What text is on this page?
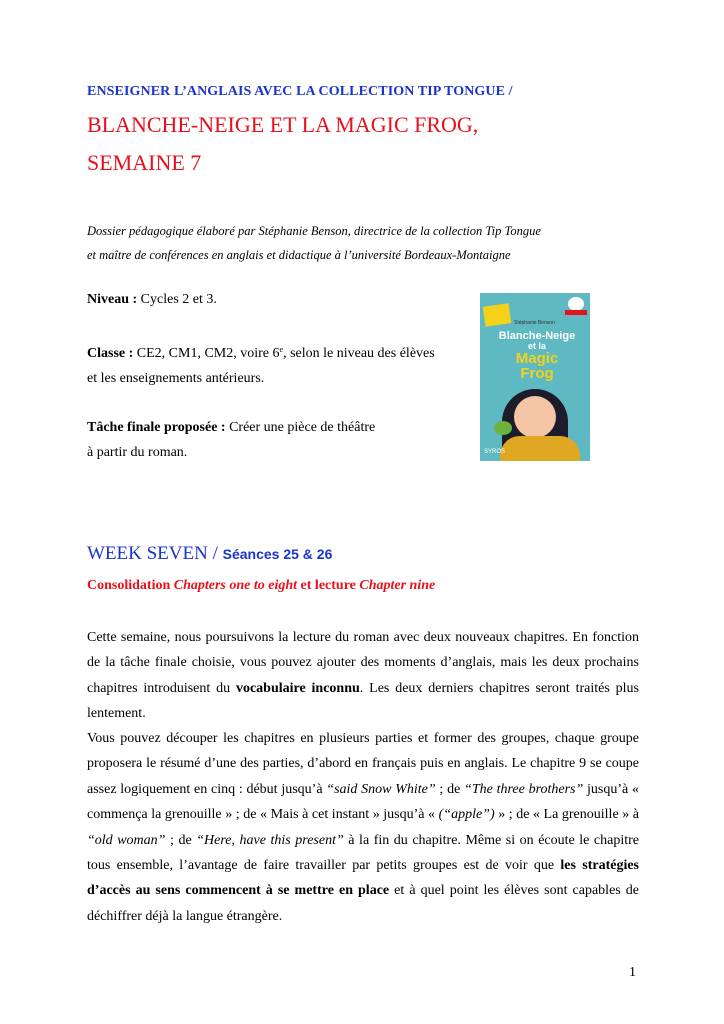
ENSEIGNER L’ANGLAIS AVEC LA COLLECTION TIP TONGUE /
BLANCHE-NEIGE ET LA MAGIC FROG,
SEMAINE 7
Dossier pédagogique élaboré par Stéphanie Benson, directrice de la collection Tip Tongue
et maître de conférences en anglais et didactique à l’université Bordeaux-Montaigne
Niveau : Cycles 2 et 3.
Classe : CE2, CM1, CM2, voire 6e, selon le niveau des élèves
et les enseignements antérieurs.
Tâche finale proposée : Créer une pièce de théâtre
à partir du roman.
Stéphanie Benson
Blanche-Neige
et la
Magic
Frog
SYROS
WEEK SEVEN / Séances 25 & 26
Consolidation Chapters one to eight et lecture Chapter nine
Cette semaine, nous poursuivons la lecture du roman avec deux nouveaux chapitres. En fonction de la tâche finale choisie, vous pouvez ajouter des moments d’anglais, mais les deux prochains chapitres introduisent du vocabulaire inconnu. Les deux derniers chapitres seront traités plus lentement.
Vous pouvez découper les chapitres en plusieurs parties et former des groupes, chaque groupe proposera le résumé d’une des parties, d’abord en français puis en anglais. Le chapitre 9 se coupe assez logiquement en cinq : début jusqu’à “said Snow White” ; de “The three brothers” jusqu’à « commença la grenouille » ; de « Mais à cet instant » jusqu’à « (“apple”) » ; de « La grenouille » à “old woman” ; de “Here, have this present” à la fin du chapitre. Même si on écoute le chapitre tous ensemble, l’avantage de faire travailler par petits groupes est de voir que les stratégies d’accès au sens commencent à se mettre en place et à quel point les élèves sont capables de déchiffrer déjà la langue étrangère.
1
